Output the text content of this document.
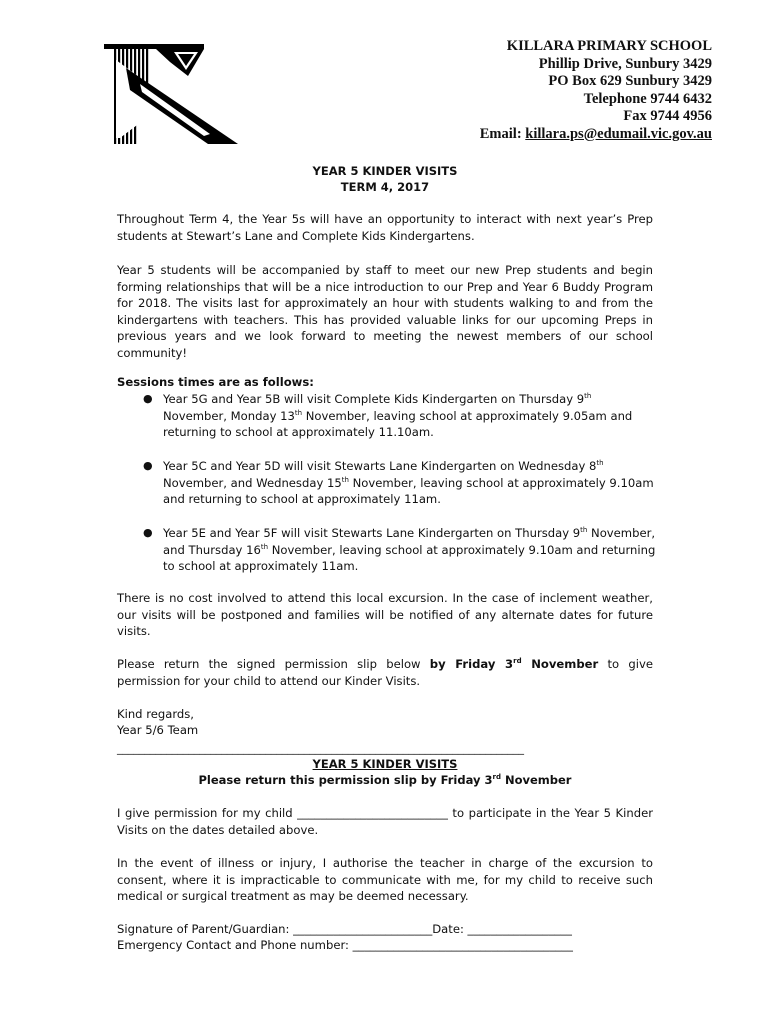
KILLARA PRIMARY SCHOOL
Phillip Drive, Sunbury 3429
PO Box 629 Sunbury 3429
Telephone 9744 6432
Fax 9744 4956
Email: killara.ps@edumail.vic.gov.au
YEAR 5 KINDER VISITS
TERM 4, 2017
Throughout Term 4, the Year 5s will have an opportunity to interact with next year’s Prep students at Stewart’s Lane and Complete Kids Kindergartens.
Year 5 students will be accompanied by staff to meet our new Prep students and begin forming relationships that will be a nice introduction to our Prep and Year 6 Buddy Program for 2018. The visits last for approximately an hour with students walking to and from the kindergartens with teachers. This has provided valuable links for our upcoming Preps in previous years and we look forward to meeting the newest members of our school community!
Sessions times are as follows:
● Year 5G and Year 5B will visit Complete Kids Kindergarten on Thursday 9th November, Monday 13th November, leaving school at approximately 9.05am and returning to school at approximately 11.10am.
● Year 5C and Year 5D will visit Stewarts Lane Kindergarten on Wednesday 8th November, and Wednesday 15th November, leaving school at approximately 9.10am and returning to school at approximately 11am.
● Year 5E and Year 5F will visit Stewarts Lane Kindergarten on Thursday 9th November, and Thursday 16th November, leaving school at approximately 9.10am and returning to school at approximately 11am.
There is no cost involved to attend this local excursion. In the case of inclement weather, our visits will be postponed and families will be notified of any alternate dates for future visits.
Please return the signed permission slip below by Friday 3rd November to give permission for your child to attend our Kinder Visits.
Kind regards,
Year 5/6 Team
__________________________________________________________________________
YEAR 5 KINDER VISITS
Please return this permission slip by Friday 3rd November
I give permission for my child __________________________ to participate in the Year 5 Kinder Visits on the dates detailed above.
In the event of illness or injury, I authorise the teacher in charge of the excursion to consent, where it is impracticable to communicate with me, for my child to receive such medical or surgical treatment as may be deemed necessary.
Signature of Parent/Guardian: ________________________Date: __________________
Emergency Contact and Phone number: ______________________________________
